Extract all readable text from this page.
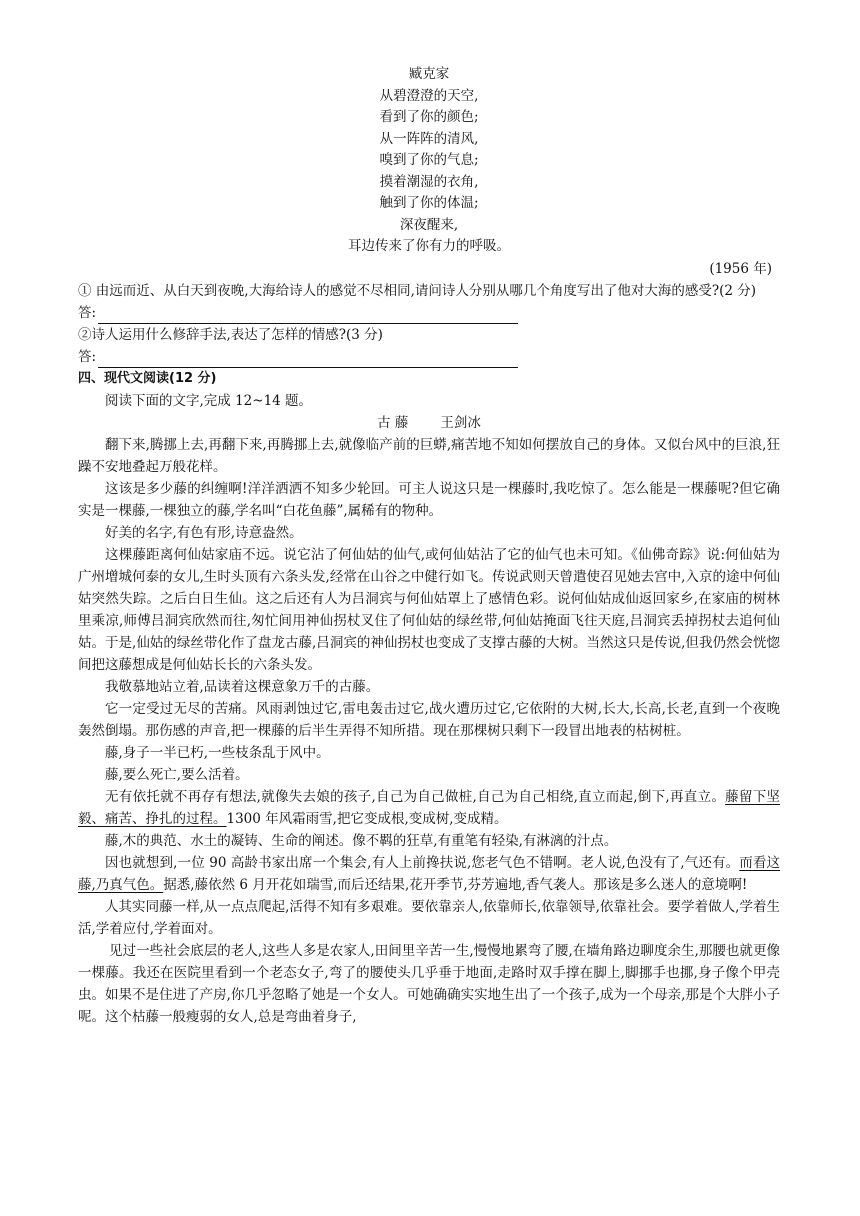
臧克家
从碧澄澄的天空,
看到了你的颜色;
从一阵阵的清风,
嗅到了你的气息;
摸着潮湿的衣角,
触到了你的体温;
深夜醒来,
耳边传来了你有力的呼吸。
(1956 年)

① 由远而近、从白天到夜晚,大海给诗人的感觉不尽相同,请问诗人分别从哪几个角度写出了他对大海的感受?(2 分)

答:

②诗人运用什么修辞手法,表达了怎样的情感?(3 分)

答:

四、现代文阅读(12 分)

阅读下面的文字,完成 12~14 题。

古 藤 王剑冰

翻下来,腾挪上去,再翻下来,再腾挪上去,就像临产前的巨蟒,痛苦地不知如何摆放自己的身体。又似台风中的巨浪,狂躁不安地叠起万般花样。

这该是多少藤的纠缠啊!洋洋洒洒不知多少轮回。可主人说这只是一棵藤时,我吃惊了。怎么能是一棵藤呢?但它确实是一棵藤,一棵独立的藤,学名叫“白花鱼藤”,属稀有的物种。

好美的名字,有色有形,诗意盎然。

这棵藤距离何仙姑家庙不远。说它沾了何仙姑的仙气,或何仙姑沾了它的仙气也未可知。《仙佛奇踪》说:何仙姑为广州增城何泰的女儿,生时头顶有六条头发,经常在山谷之中健行如飞。传说武则天曾遣使召见她去宫中,入京的途中何仙姑突然失踪。之后白日生仙。这之后还有人为吕洞宾与何仙姑罩上了感情色彩。说何仙姑成仙返回家乡,在家庙的树林里乘凉,师傅吕洞宾欣然而往,匆忙间用神仙拐杖叉住了何仙姑的绿丝带,何仙姑掩面飞往天庭,吕洞宾丢掉拐杖去追何仙姑。于是,仙姑的绿丝带化作了盘龙古藤,吕洞宾的神仙拐杖也变成了支撑古藤的大树。当然这只是传说,但我仍然会恍惚间把这藤想成是何仙姑长长的六条头发。

我敬慕地站立着,品读着这棵意象万千的古藤。

它一定受过无尽的苦痛。风雨剥蚀过它,雷电轰击过它,战火遭历过它,它依附的大树,长大,长高,长老,直到一个夜晚轰然倒塌。那伤感的声音,把一棵藤的后半生弄得不知所措。现在那棵树只剩下一段冒出地表的枯树桩。

藤,身子一半已朽,一些枝条乱于风中。

藤,要么死亡,要么活着。

无有依托就不再存有想法,就像失去娘的孩子,自己为自己做桩,自己为自己相绕,直立而起,倒下,再直立。藤留下坚毅、痛苦、挣扎的过程。1300 年风霜雨雪,把它变成根,变成树,变成精。

藤,木的典范、水土的凝铸、生命的阐述。像不羁的狂草,有重笔有轻染,有淋漓的汁点。

因也就想到,一位 90 高龄书家出席一个集会,有人上前搀扶说,您老气色不错啊。老人说,色没有了,气还有。而看这藤,乃真气色。据悉,藤依然 6 月开花如瑞雪,而后还结果,花开季节,芬芳遍地,香气袭人。那该是多么迷人的意境啊!

人其实同藤一样,从一点点爬起,活得不知有多艰难。要依靠亲人,依靠师长,依靠领导,依靠社会。要学着做人,学着生活,学着应付,学着面对。

见过一些社会底层的老人,这些人多是农家人,田间里辛苦一生,慢慢地累弯了腰,在墙角路边聊度余生,那腰也就更像一棵藤。我还在医院里看到一个老态女子,弯了的腰使头几乎垂于地面,走路时双手撑在脚上,脚挪手也挪,身子像个甲壳虫。如果不是住进了产房,你几乎忽略了她是一个女人。可她确确实实地生出了一个孩子,成为一个母亲,那是个大胖小子呢。这个枯藤一般瘦弱的女人,总是弯曲着身子,
